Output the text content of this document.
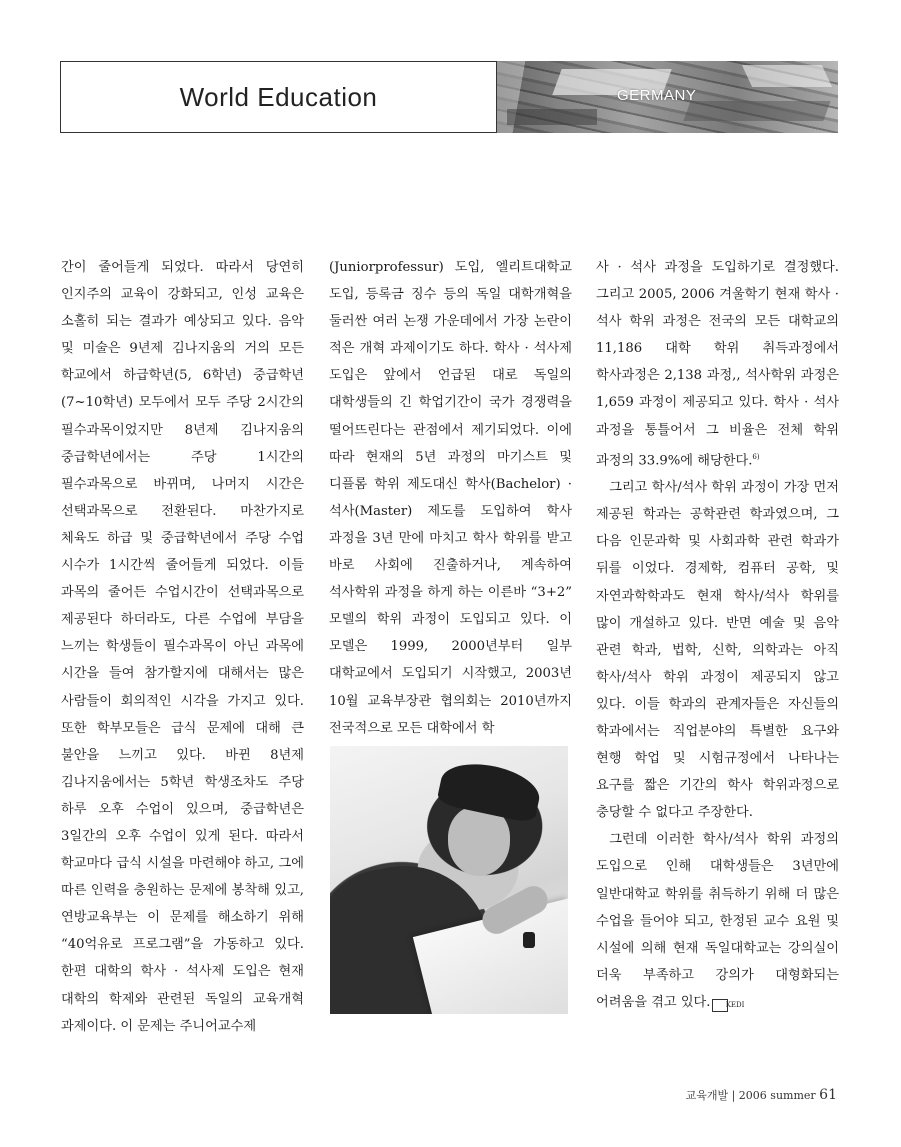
World Education	GERMANY

간이 줄어들게 되었다. 따라서 당연히 인지주의 교육이 강화되고, 인성 교육은 소홀히 되는 결과가 예상되고 있다. 음악 및 미술은 9년제 김나지움의 거의 모든 학교에서 하급학년(5, 6학년) 중급학년(7~10학년) 모두에서 모두 주당 2시간의 필수과목이었지만 8년제 김나지움의 중급학년에서는 주당 1시간의 필수과목으로 바뀌며, 나머지 시간은 선택과목으로 전환된다. 마찬가지로 체육도 하급 및 중급학년에서 주당 수업 시수가 1시간씩 줄어들게 되었다. 이들 과목의 줄어든 수업시간이 선택과목으로 제공된다 하더라도, 다른 수업에 부담을 느끼는 학생들이 필수과목이 아닌 과목에 시간을 들여 참가할지에 대해서는 많은 사람들이 회의적인 시각을 가지고 있다. 또한 학부모들은 급식 문제에 대해 큰 불안을 느끼고 있다. 바뀐 8년제 김나지움에서는 5학년 학생조차도 주당 하루 오후 수업이 있으며, 중급학년은 3일간의 오후 수업이 있게 된다. 따라서 학교마다 급식 시설을 마련해야 하고, 그에 따른 인력을 충원하는 문제에 봉착해 있고, 연방교육부는 이 문제를 해소하기 위해 “40억유로 프로그램”을 가동하고 있다. 한편 대학의 학사 · 석사제 도입은 현재 대학의 학제와 관련된 독일의 교육개혁 과제이다. 이 문제는 주니어교수제

(Juniorprofessur) 도입, 엘리트대학교 도입, 등록금 징수 등의 독일 대학개혁을 둘러싼 여러 논쟁 가운데에서 가장 논란이 적은 개혁 과제이기도 하다. 학사 · 석사제 도입은 앞에서 언급된 대로 독일의 대학생들의 긴 학업기간이 국가 경쟁력을 떨어뜨린다는 관점에서 제기되었다. 이에 따라 현재의 5년 과정의 마기스트 및 디플롬 학위 제도대신 학사(Bachelor) · 석사(Master) 제도를 도입하여 학사 과정을 3년 만에 마치고 학사 학위를 받고 바로 사회에 진출하거나, 계속하여 석사학위 과정을 하게 하는 이른바 “3+2” 모델의 학위 과정이 도입되고 있다. 이 모델은 1999, 2000년부터 일부 대학교에서 도입되기 시작했고, 2003년 10월 교육부장관 협의회는 2010년까지 전국적으로 모든 대학에서 학

사 · 석사 과정을 도입하기로 결정했다. 그리고 2005, 2006 겨울학기 현재 학사 · 석사 학위 과정은 전국의 모든 대학교의 11,186 대학 학위 취득과정에서 학사과정은 2,138 과정,, 석사학위 과정은 1,659 과정이 제공되고 있다. 학사 · 석사 과정을 통틀어서 그 비율은 전체 학위 과정의 33.9%에 해당한다.$^{6)}$

그리고 학사/석사 학위 과정이 가장 먼저 제공된 학과는 공학관련 학과였으며, 그 다음 인문과학 및 사회과학 관련 학과가 뒤를 이었다. 경제학, 컴퓨터 공학, 및 자연과학학과도 현재 학사/석사 학위를 많이 개설하고 있다. 반면 예술 및 음악 관련 학과, 법학, 신학, 의학과는 아직 학사/석사 학위 과정이 제공되지 않고 있다. 이들 학과의 관계자들은 자신들의 학과에서는 직업분야의 특별한 요구와 현행 학업 및 시험규정에서 나타나는 요구를 짧은 기간의 학사 학위과정으로 충당할 수 없다고 주장한다.

그런데 이러한 학사/석사 학위 과정의 도입으로 인해 대학생들은 3년만에 일반대학교 학위를 취득하기 위해 더 많은 수업을 들어야 되고, 한정된 교수 요원 및 시설에 의해 현재 독일대학교는 강의실이 더욱 부족하고 강의가 대형화되는 어려움을 겪고 있다. KEDI

교육개발 | 2006 summer 61
